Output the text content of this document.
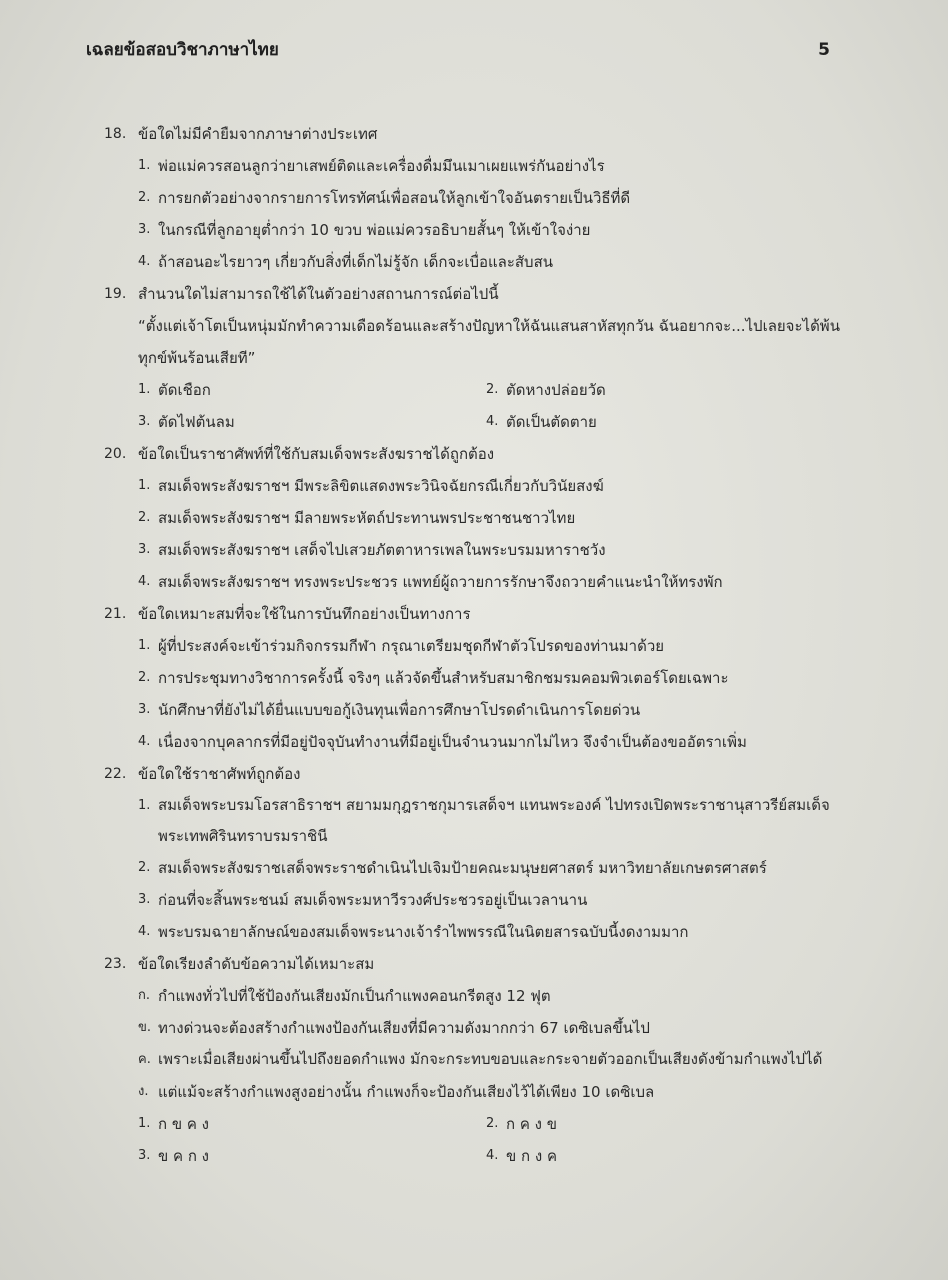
เฉลยข้อสอบวิชาภาษาไทย	5
18. ข้อใดไม่มีคำยืมจากภาษาต่างประเทศ
1. พ่อแม่ควรสอนลูกว่ายาเสพย์ติดและเครื่องดื่มมึนเมาเผยแพร่กันอย่างไร
2. การยกตัวอย่างจากรายการโทรทัศน์เพื่อสอนให้ลูกเข้าใจอันตรายเป็นวิธีที่ดี
3. ในกรณีที่ลูกอายุต่ำกว่า 10 ขวบ พ่อแม่ควรอธิบายสั้นๆ ให้เข้าใจง่าย
4. ถ้าสอนอะไรยาวๆ เกี่ยวกับสิ่งที่เด็กไม่รู้จัก เด็กจะเบื่อและสับสน
19. สำนวนใดไม่สามารถใช้ได้ในตัวอย่างสถานการณ์ต่อไปนี้
“ตั้งแต่เจ้าโตเป็นหนุ่มมักทำความเดือดร้อนและสร้างปัญหาให้ฉันแสนสาหัสทุกวัน ฉันอยากจะ...ไปเลยจะได้พ้นทุกข์พ้นร้อนเสียที”
1. ตัดเชือก	2. ตัดหางปล่อยวัด
3. ตัดไฟต้นลม	4. ตัดเป็นตัดตาย
20. ข้อใดเป็นราชาศัพท์ที่ใช้กับสมเด็จพระสังฆราชได้ถูกต้อง
1. สมเด็จพระสังฆราชฯ มีพระลิขิตแสดงพระวินิจฉัยกรณีเกี่ยวกับวินัยสงฆ์
2. สมเด็จพระสังฆราชฯ มีลายพระหัตถ์ประทานพรประชาชนชาวไทย
3. สมเด็จพระสังฆราชฯ เสด็จไปเสวยภัตตาหารเพลในพระบรมมหาราชวัง
4. สมเด็จพระสังฆราชฯ ทรงพระประชวร แพทย์ผู้ถวายการรักษาจึงถวายคำแนะนำให้ทรงพัก
21. ข้อใดเหมาะสมที่จะใช้ในการบันทึกอย่างเป็นทางการ
1. ผู้ที่ประสงค์จะเข้าร่วมกิจกรรมกีฬา กรุณาเตรียมชุดกีฬาตัวโปรดของท่านมาด้วย
2. การประชุมทางวิชาการครั้งนี้ จริงๆ แล้วจัดขึ้นสำหรับสมาชิกชมรมคอมพิวเตอร์โดยเฉพาะ
3. นักศึกษาที่ยังไม่ได้ยื่นแบบขอกู้เงินทุนเพื่อการศึกษาโปรดดำเนินการโดยด่วน
4. เนื่องจากบุคลากรที่มีอยู่ปัจจุบันทำงานที่มีอยู่เป็นจำนวนมากไม่ไหว จึงจำเป็นต้องขออัตราเพิ่ม
22. ข้อใดใช้ราชาศัพท์ถูกต้อง
1. สมเด็จพระบรมโอรสาธิราชฯ สยามมกุฎราชกุมารเสด็จฯ แทนพระองค์ ไปทรงเปิดพระราชานุสาวรีย์สมเด็จพระเทพศิรินทราบรมราชินี
2. สมเด็จพระสังฆราชเสด็จพระราชดำเนินไปเจิมป้ายคณะมนุษยศาสตร์ มหาวิทยาลัยเกษตรศาสตร์
3. ก่อนที่จะสิ้นพระชนม์ สมเด็จพระมหาวีรวงศ์ประชวรอยู่เป็นเวลานาน
4. พระบรมฉายาลักษณ์ของสมเด็จพระนางเจ้ารำไพพรรณีในนิตยสารฉบับนี้งดงามมาก
23. ข้อใดเรียงลำดับข้อความได้เหมาะสม
ก. กำแพงทั่วไปที่ใช้ป้องกันเสียงมักเป็นกำแพงคอนกรีตสูง 12 ฟุต
ข. ทางด่วนจะต้องสร้างกำแพงป้องกันเสียงที่มีความดังมากกว่า 67 เดซิเบลขึ้นไป
ค. เพราะเมื่อเสียงผ่านขึ้นไปถึงยอดกำแพง มักจะกระทบขอบและกระจายตัวออกเป็นเสียงดังข้ามกำแพงไปได้
ง. แต่แม้จะสร้างกำแพงสูงอย่างนั้น กำแพงก็จะป้องกันเสียงไว้ได้เพียง 10 เดซิเบล
1. ก ข ค ง	2. ก ค ง ข
3. ข ค ก ง	4. ข ก ง ค
